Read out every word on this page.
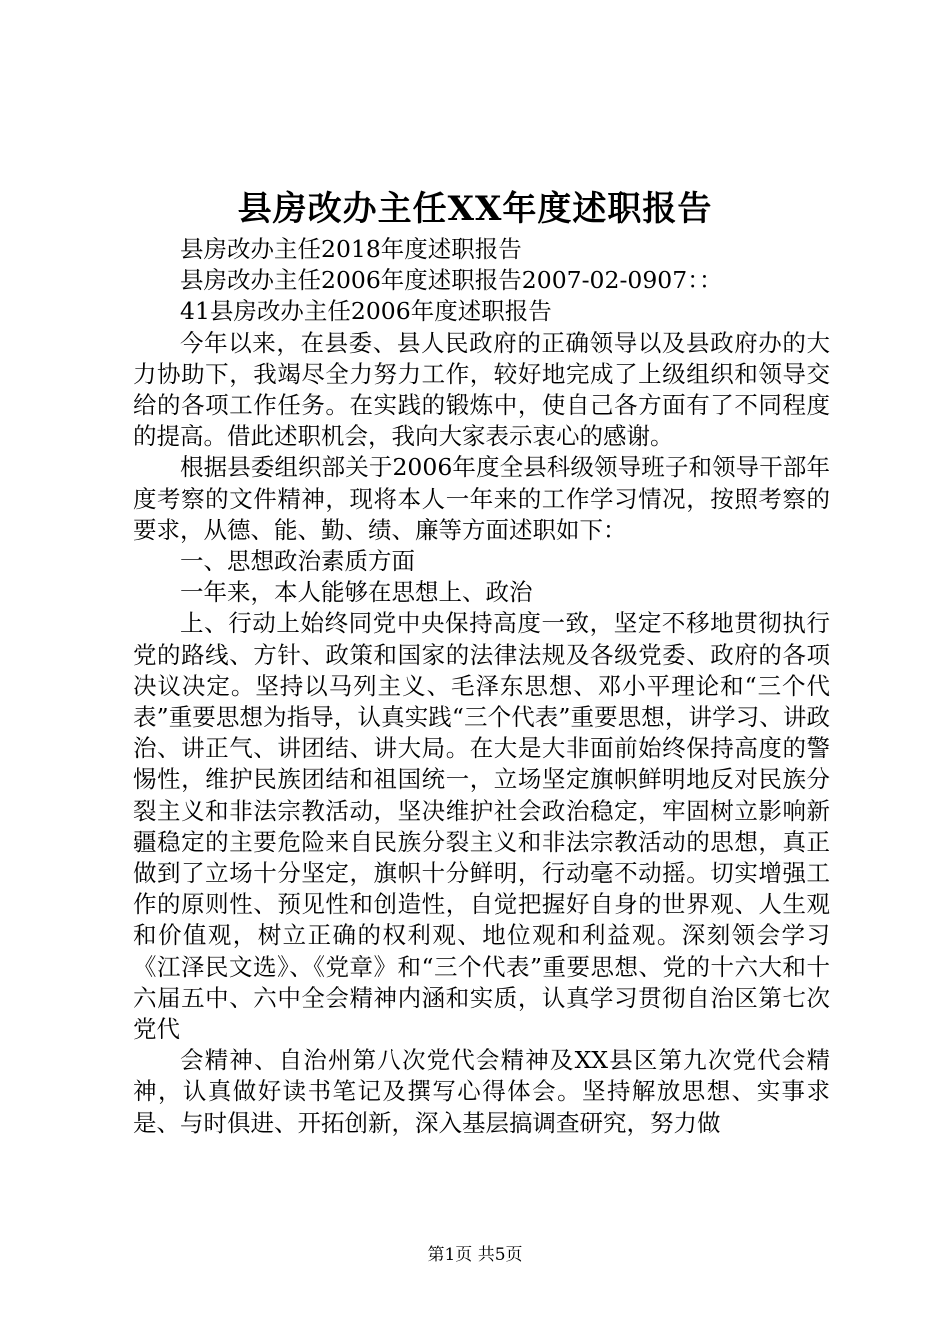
县房改办主任XX年度述职报告

县房改办主任2018年度述职报告

县房改办主任2006年度述职报告2007-02-0907：：

41县房改办主任2006年度述职报告

今年以来，在县委、县人民政府的正确领导以及县政府办的大力协助下，我竭尽全力努力工作，较好地完成了上级组织和领导交给的各项工作任务。在实践的锻炼中，使自己各方面有了不同程度的提高。借此述职机会，我向大家表示衷心的感谢。

根据县委组织部关于2006年度全县科级领导班子和领导干部年度考察的文件精神，现将本人一年来的工作学习情况，按照考察的要求，从德、能、勤、绩、廉等方面述职如下：

一、思想政治素质方面

一年来，本人能够在思想上、政治

上、行动上始终同党中央保持高度一致，坚定不移地贯彻执行党的路线、方针、政策和国家的法律法规及各级党委、政府的各项决议决定。坚持以马列主义、毛泽东思想、邓小平理论和“三个代表”重要思想为指导，认真实践“三个代表”重要思想，讲学习、讲政治、讲正气、讲团结、讲大局。在大是大非面前始终保持高度的警惕性，维护民族团结和祖国统一，立场坚定旗帜鲜明地反对民族分裂主义和非法宗教活动，坚决维护社会政治稳定，牢固树立影响新疆稳定的主要危险来自民族分裂主义和非法宗教活动的思想，真正做到了立场十分坚定，旗帜十分鲜明，行动毫不动摇。切实增强工作的原则性、预见性和创造性，自觉把握好自身的世界观、人生观和价值观，树立正确的权利观、地位观和利益观。深刻领会学习《江泽民文选》、《党章》和“三个代表”重要思想、党的十六大和十六届五中、六中全会精神内涵和实质，认真学习贯彻自治区第七次党代

会精神、自治州第八次党代会精神及XX县区第九次党代会精神，认真做好读书笔记及撰写心得体会。坚持解放思想、实事求是、与时俱进、开拓创新，深入基层搞调查研究，努力做

第1页 共5页
